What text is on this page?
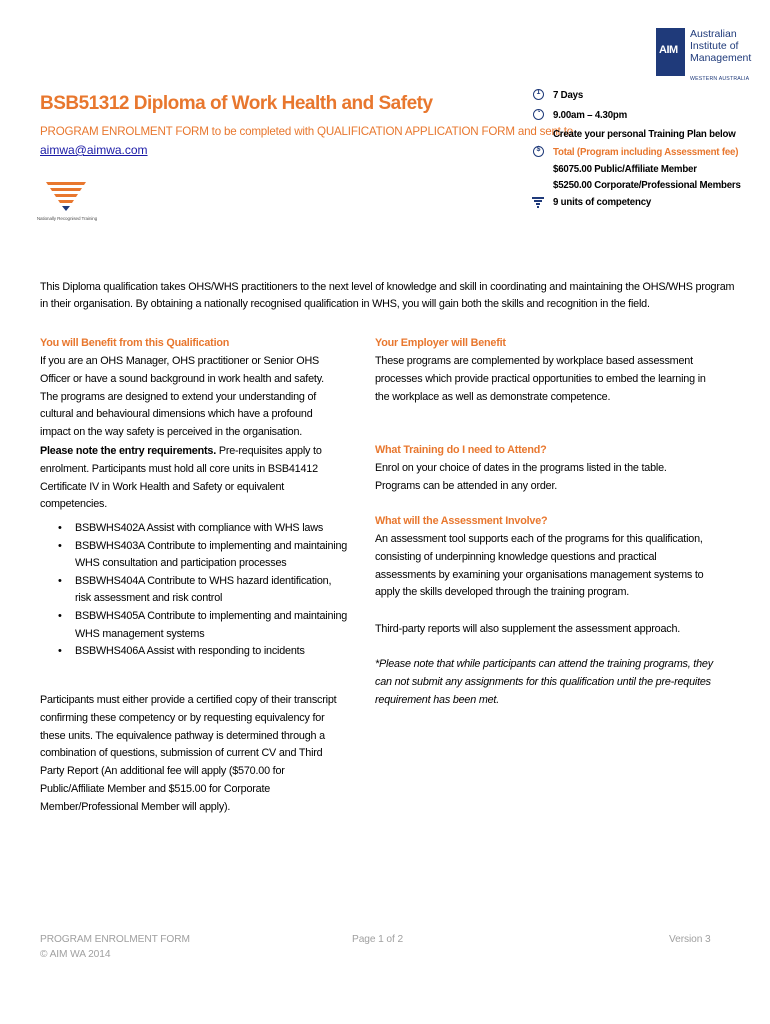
BSB51312 Diploma of Work Health and Safety
PROGRAM ENROLMENT FORM to be completed with QUALIFICATION APPLICATION FORM and sent to
aimwa@aimwa.com
Nationally Recognised Training
AIM
Australian
Institute of
Management
WESTERN AUSTRALIA
1 7 Days
◔ 9.00am – 4.30pm
Create your personal Training Plan below
$ Total (Program including Assessment fee)
$6075.00 Public/Affiliate Member
$5250.00 Corporate/Professional Members
9 units of competency
This Diploma qualification takes OHS/WHS practitioners to the next level of knowledge and skill in coordinating and maintaining the OHS/WHS program in their organisation. By obtaining a nationally recognised qualification in WHS, you will gain both the skills and recognition in the field.
You will Benefit from this Qualification
If you are an OHS Manager, OHS practitioner or Senior OHS Officer or have a sound background in work health and safety. The programs are designed to extend your understanding of cultural and behavioural dimensions which have a profound impact on the way safety is perceived in the organisation.
Please note the entry requirements. Pre-requisites apply to enrolment. Participants must hold all core units in BSB41412 Certificate IV in Work Health and Safety or equivalent competencies.
• BSBWHS402A Assist with compliance with WHS laws
• BSBWHS403A Contribute to implementing and maintaining WHS consultation and participation processes
• BSBWHS404A Contribute to WHS hazard identification, risk assessment and risk control
• BSBWHS405A Contribute to implementing and maintaining WHS management systems
• BSBWHS406A Assist with responding to incidents
Participants must either provide a certified copy of their transcript confirming these competency or by requesting equivalency for these units. The equivalence pathway is determined through a combination of questions, submission of current CV and Third Party Report (An additional fee will apply ($570.00 for Public/Affiliate Member and $515.00 for Corporate Member/Professional Member will apply).
Your Employer will Benefit
These programs are complemented by workplace based assessment processes which provide practical opportunities to embed the learning in the workplace as well as demonstrate competence.
What Training do I need to Attend?
Enrol on your choice of dates in the programs listed in the table. Programs can be attended in any order.
What will the Assessment Involve?
An assessment tool supports each of the programs for this qualification, consisting of underpinning knowledge questions and practical assessments by examining your organisations management systems to apply the skills developed through the training program.
Third-party reports will also supplement the assessment approach.
*Please note that while participants can attend the training programs, they can not submit any assignments for this qualification until the pre-requites requirement has been met.
PROGRAM ENROLMENT FORM
© AIM WA 2014
Page 1 of 2	Version 3
